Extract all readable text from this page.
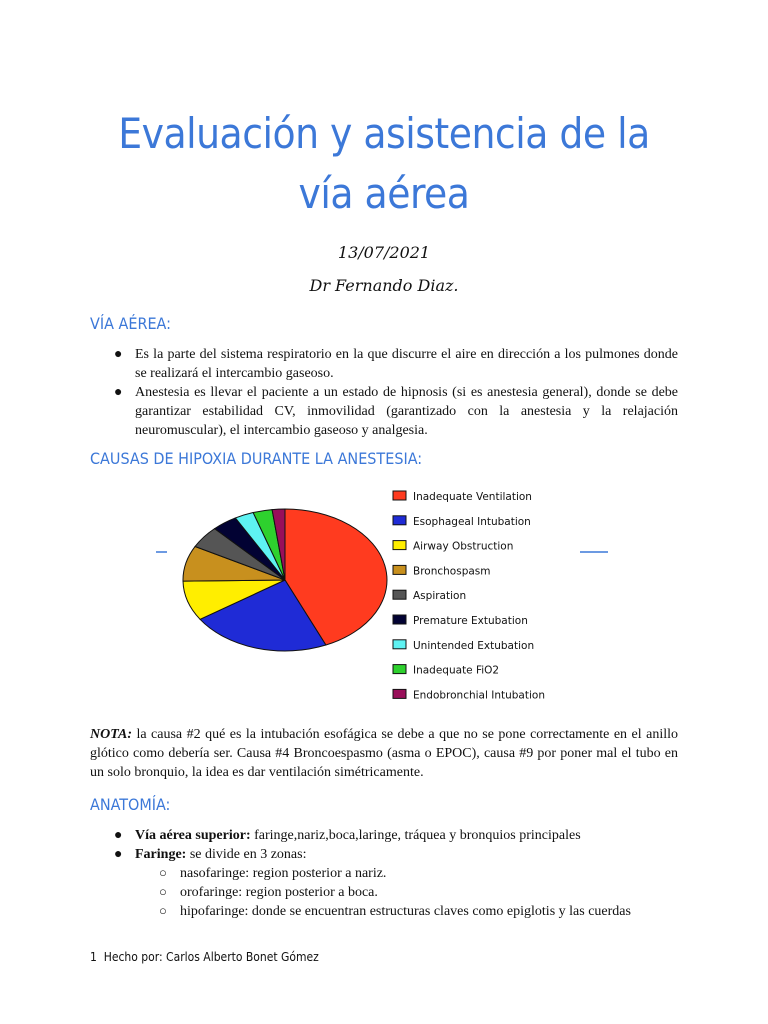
Evaluación y asistencia de la
vía aérea
13/07/2021
Dr Fernando Diaz.
VÍA AÉREA:
● Es la parte del sistema respiratorio en la que discurre el aire en dirección a los pulmones donde se realizará el intercambio gaseoso.
● Anestesia es llevar el paciente a un estado de hipnosis (si es anestesia general), donde se debe garantizar estabilidad CV, inmovilidad (garantizado con la anestesia y la relajación neuromuscular), el intercambio gaseoso y analgesia.
CAUSAS DE HIPOXIA DURANTE LA ANESTESIA:
Inadequate Ventilation
Esophageal Intubation
Airway Obstruction
Bronchospasm
Aspiration
Premature Extubation
Unintended Extubation
Inadequate FiO2
Endobronchial Intubation
NOTA: la causa #2 qué es la intubación esofágica se debe a que no se pone correctamente en el anillo glótico como debería ser. Causa #4 Broncoespasmo (asma o EPOC), causa #9 por poner mal el tubo en un solo bronquio, la idea es dar ventilación simétricamente.
ANATOMÍA:
● Vía aérea superior: faringe,nariz,boca,laringe, tráquea y bronquios principales
● Faringe: se divide en 3 zonas:
○ nasofaringe: region posterior a nariz.
○ orofaringe: region posterior a boca.
○ hipofaringe: donde se encuentran estructuras claves como epiglotis y las cuerdas
1 Hecho por: Carlos Alberto Bonet Gómez
